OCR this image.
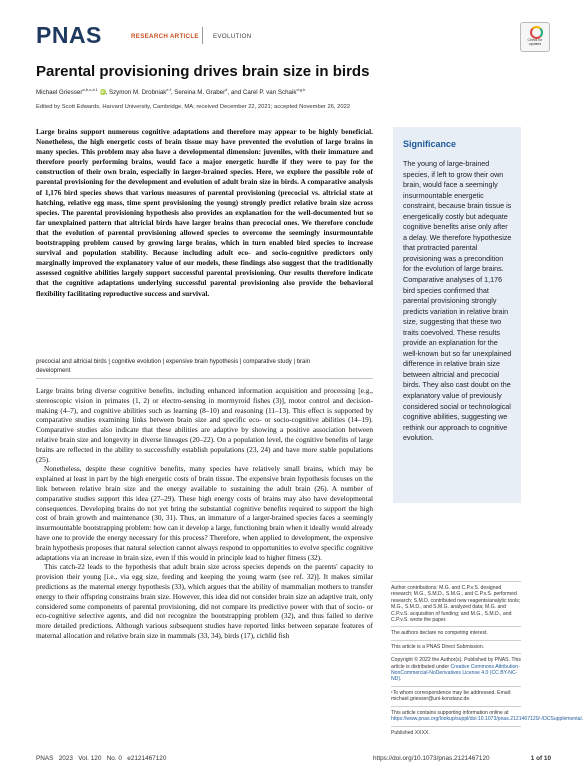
PNAS	RESEARCH ARTICLE EVOLUTION	Check for updates
Parental provisioning drives brain size in birds
Michael Griesser$^{a,b,c,d,1}$ iD, Szymon M. Drobniak$^{e,f}$, Sereina M. Graber$^d$, and Carel P. van Schaik$^{d,g,h}$
Edited by Scott Edwards, Harvard University, Cambridge, MA; received December 22, 2021; accepted November 26, 2022

Large brains support numerous cognitive adaptations and therefore may appear to be highly beneficial. Nonetheless, the high energetic costs of brain tissue may have prevented the evolution of large brains in many species. This problem may also have a developmental dimension: juveniles, with their immature and therefore poorly performing brains, would face a major energetic hurdle if they were to pay for the construction of their own brain, especially in larger-brained species. Here, we explore the possible role of parental provisioning for the development and evolution of adult brain size in birds. A comparative analysis of 1,176 bird species shows that various measures of parental provisioning (precocial vs. altricial state at hatching, relative egg mass, time spent provisioning the young) strongly predict relative brain size across species. The parental provisioning hypothesis also provides an explanation for the well-documented but so far unexplained pattern that altricial birds have larger brains than precocial ones. We therefore conclude that the evolution of parental provisioning allowed species to overcome the seemingly insurmountable bootstrapping problem caused by growing large brains, which in turn enabled bird species to increase survival and population stability. Because including adult eco- and socio-cognitive predictors only marginally improved the explanatory value of our models, these findings also suggest that the traditionally assessed cognitive abilities largely support successful parental provisioning. Our results therefore indicate that the cognitive adaptations underlying successful parental provisioning also provide the behavioral flexibility facilitating reproductive success and survival.

precocial and altricial birds | cognitive evolution | expensive brain hypothesis | comparative study | brain development

Large brains bring diverse cognitive benefits, including enhanced information acquisition and processing [e.g., stereoscopic vision in primates (1, 2) or electro-sensing in mormyroid fishes (3)], motor control and decision-making (4–7), and cognitive abilities such as learning (8–10) and reasoning (11–13). This effect is supported by comparative studies examining links between brain size and specific eco- or socio-cognitive abilities (14–19). Comparative studies also indicate that these abilities are adaptive by showing a positive association between relative brain size and longevity in diverse lineages (20–22). On a population level, the cognitive benefits of large brains are reflected in the ability to successfully establish populations (23, 24) and have more stable populations (25).

Nonetheless, despite these cognitive benefits, many species have relatively small brains, which may be explained at least in part by the high energetic costs of brain tissue. The expensive brain hypothesis focuses on the link between relative brain size and the energy available to sustaining the adult brain (26). A number of comparative studies support this idea (27–29). These high energy costs of brains may also have developmental consequences. Developing brains do not yet bring the substantial cognitive benefits required to support the high cost of brain growth and maintenance (30, 31). Thus, an immature of a larger-brained species faces a seemingly insurmountable bootstrapping problem: how can it develop a large, functioning brain when it ideally would already have one to provide the energy necessary for this process? Therefore, when applied to development, the expensive brain hypothesis proposes that natural selection cannot always respond to opportunities to evolve specific cognitive adaptations via an increase in brain size, even if this would in principle lead to higher fitness (32).

This catch-22 leads to the hypothesis that adult brain size across species depends on the parents' capacity to provision their young [i.e., via egg size, feeding and keeping the young warm (see ref. 32)]. It makes similar predictions as the maternal energy hypothesis (33), which argues that the ability of mammalian mothers to transfer energy to their offspring constrains brain size. However, this idea did not consider brain size an adaptive trait, only considered some components of parental provisioning, did not compare its predictive power with that of socio- or eco-cognitive selective agents, and did not recognize the bootstrapping problem (32), and thus failed to derive more detailed predictions. Although various subsequent studies have reported links between separate features of maternal allocation and relative brain size in mammals (33, 34), birds (17), cichlid fish

Significance
The young of large-brained species, if left to grow their own brain, would face a seemingly insurmountable energetic constraint, because brain tissue is energetically costly but adequate cognitive benefits arise only after a delay. We therefore hypothesize that protracted parental provisioning was a precondition for the evolution of large brains. Comparative analyses of 1,176 bird species confirmed that parental provisioning strongly predicts variation in relative brain size, suggesting that these two traits coevolved. These results provide an explanation for the well-known but so far unexplained difference in relative brain size between altricial and precocial birds. They also cast doubt on the explanatory value of previously considered social or technological cognitive abilities, suggesting we rethink our approach to cognitive evolution.
Author contributions: M.G. and C.P.v.S. designed research; M.G., S.M.D., S.M.G., and C.P.v.S. performed research; S.M.D. contributed new reagents/analytic tools; M.G., S.M.D., and S.M.G. analyzed data; M.G. and C.P.v.S. acquisition of funding; and M.G., S.M.D., and C.P.v.S. wrote the paper.
The authors declare no competing interest.
This article is a PNAS Direct Submission.
Copyright © 2022 the Author(s). Published by PNAS. This article is distributed under Creative Commons Attribution-NonCommercial-NoDerivatives License 4.0 (CC BY-NC-ND).
¹To whom correspondence may be addressed. Email: michael.griesser@uni-konstanz.de.
This article contains supporting information online at https://www.pnas.org/lookup/suppl/doi:10.1073/pnas.2121467120/-/DCSupplemental.
Published XXXX.
PNAS   2023   Vol. 120   No. 0   e2121467120	https://doi.org/10.1073/pnas.2121467120	1 of 10
